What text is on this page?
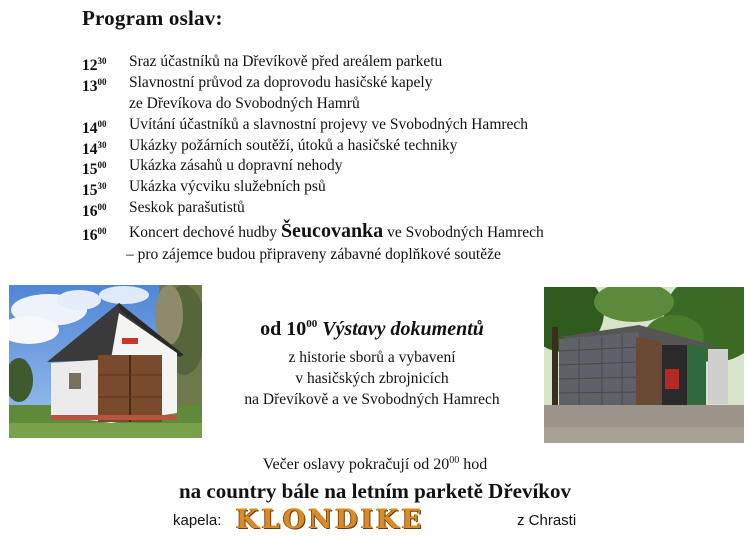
Program oslav:
$12^{30}$	Sraz účastníků na Dřevíkově před areálem parketu
$13^{00}$	Slavnostní průvod za doprovodu hasičské kapely
ze Dřevíkova do Svobodných Hamrů
$14^{00}$	Uvítání účastníků a slavnostní projevy ve Svobodných Hamrech
$14^{30}$	Ukázky požárních soutěží, útoků a hasičské techniky
$15^{00}$	Ukázka zásahů u dopravní nehody
$15^{30}$	Ukázka výcviku služebních psů
$16^{00}$	Seskok parašutistů
$16^{00}$	Koncert dechové hudby Šeucovanka ve Svobodných Hamrech
– pro zájemce budou připraveny zábavné doplňkové soutěže
od $10^{00}$ Výstavy dokumentů
z historie sborů a vybavení
v hasičských zbrojnicích
na Dřevíkově a ve Svobodných Hamrech
Večer oslavy pokračují od $20^{00}$ hod
na country bále na letním parketě Dřevíkov
kapela: KLONDIKE	z Chrasti
